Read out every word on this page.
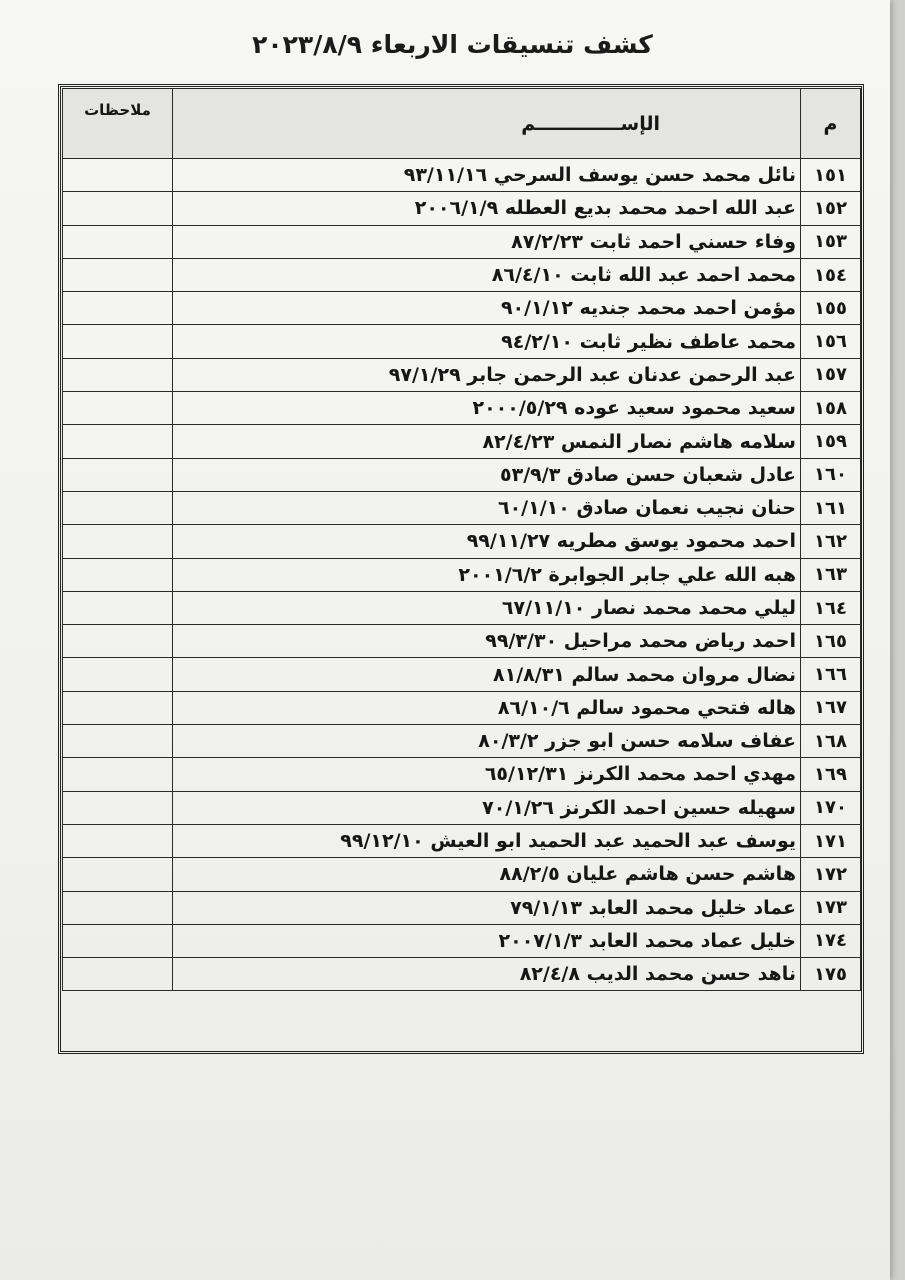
كشف تنسيقات الاربعاء ٢٠٢٣/٨/٩
م	الإســـــــــــــم	ملاحظات
١٥١	نائل محمد حسن يوسف السرحي ٩٣/١١/١٦	
١٥٢	عبد الله احمد محمد بديع العطله ٢٠٠٦/١/٩	
١٥٣	وفاء حسني احمد ثابت ٨٧/٢/٢٣	
١٥٤	محمد احمد عبد الله ثابت ٨٦/٤/١٠	
١٥٥	مؤمن احمد محمد جنديه ٩٠/١/١٢	
١٥٦	محمد عاطف نظير ثابت ٩٤/٢/١٠	
١٥٧	عبد الرحمن عدنان عبد الرحمن جابر ٩٧/١/٢٩	
١٥٨	سعيد محمود سعيد عوده ٢٠٠٠/٥/٢٩	
١٥٩	سلامه هاشم نصار النمس ٨٢/٤/٢٣	
١٦٠	عادل شعبان حسن صادق ٥٣/٩/٣	
١٦١	حنان نجيب نعمان صادق ٦٠/١/١٠	
١٦٢	احمد محمود يوسق مطريه ٩٩/١١/٢٧	
١٦٣	هبه الله علي جابر الجوابرة ٢٠٠١/٦/٢	
١٦٤	ليلي محمد محمد نصار ٦٧/١١/١٠	
١٦٥	احمد رياض محمد مراحيل ٩٩/٣/٣٠	
١٦٦	نضال مروان محمد سالم ٨١/٨/٣١	
١٦٧	هاله فتحي محمود سالم ٨٦/١٠/٦	
١٦٨	عفاف سلامه حسن ابو جزر ٨٠/٣/٢	
١٦٩	مهدي احمد محمد الكرنز ٦٥/١٢/٣١	
١٧٠	سهيله حسين احمد الكرنز ٧٠/١/٢٦	
١٧١	يوسف عبد الحميد عبد الحميد ابو العيش ٩٩/١٢/١٠	
١٧٢	هاشم حسن هاشم عليان ٨٨/٢/٥	
١٧٣	عماد خليل محمد العابد ٧٩/١/١٣	
١٧٤	خليل عماد محمد العابد ٢٠٠٧/١/٣	
١٧٥	ناهد حسن محمد الديب ٨٢/٤/٨	
